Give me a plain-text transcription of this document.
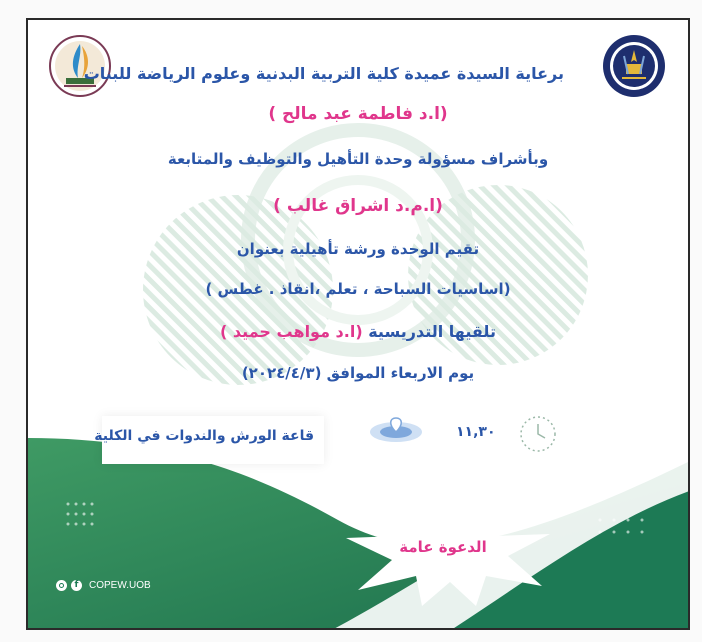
برعاية السيدة عميدة كلية التربية البدنية وعلوم الرياضة للبنات
(ا.د فاطمة عبد مالح )
وبأشراف مسؤولة وحدة التأهيل والتوظيف والمتابعة
(ا.م.د اشراق غالب )
تقيم الوحدة ورشة تأهيلية بعنوان
(اساسيات السباحة ، تعلم ،انقاذ . غطس )
تلقيها التدريسية (ا.د مواهب حميد )
يوم الاربعاء الموافق (٢٠٢٤/٤/٣)
قاعة الورش والندوات في الكلية	١١,٣٠
الدعوة عامة
f	COPEW.UOB
